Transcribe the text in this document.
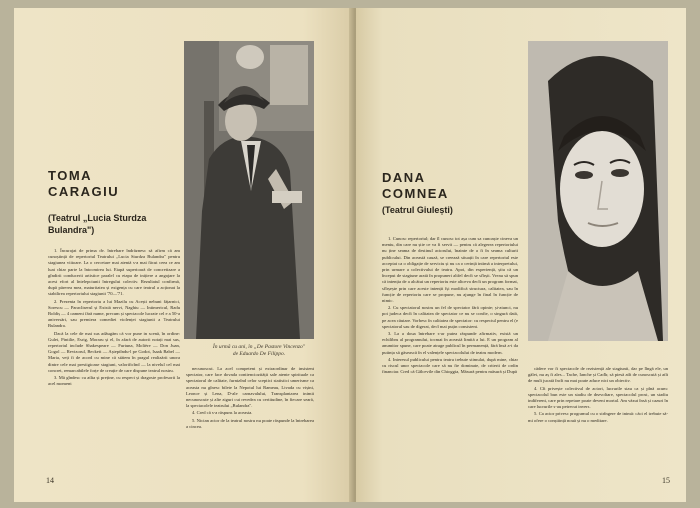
În urmă cu ani, în „De Pastore Vincenzo" de Eduardo De Filippo.
TOMA
CARAGIU
(Teatrul „Lucia Sturdza Bulandra")

1. Încurajat de prima dv. întrebare îndrăznesc să afirm că am cunoștință de repertoriul Teatrului „Lucia Sturdza Bulandra" pentru stagiunea viitoare. La o cercetare mai atentă s-a mai făcut ceea ce am luat chiar parte la întocmirea lui. Etapă superioară de concretizare a gîndirii conducerii artistice paralel cu etapa de inițiere a angajare la acest efort al întelepciunii întregului colectiv. Rezultatul confirmă, după părerea mea, maturitatea și exigența cu care teatrul a acționat la stabilirea repertoriului stagiunii '70—'71.

2. Prezenta în repertoriu a lui Mazilu cu Acești nebuni fățarnici, Sorescu — Paracliserul și Există nervi, Naghiu — Intimericul, Radu Boldiș — 4 oameni fără nume, precum și spectacole lucrate cel e a 50-a aniversări, sau premiera comediei violenței stagiunii a Teatrului Bulandra.

Dacă la cele de mai sus adăugăm că vor pune in scenă, în ordine: Gulei, Pintilie, Esrig, Moraru și el, în afară de autorii notați mai sus, repertoriul include Shakespeare — Furtuna, Molière — Don Juan, Gogol — Revizorul, Beckett — Așteptîndu-l pe Godot, Isaak Babel — Maria, veți fi de acord cu mine că stăiem în pragul realizării unora dintre cele mai prestigioase stagiuni, valorificînd — la nivelul cel mai concret, remarcabilele forțe de creație de care dispune teatrul nostru.

3. Mă gîndesc cu atîta și preține, cu respect și dragoste profesorii la acel moment

necunoscut. La acel competent și extraordinar de insistent spectator, care face dovada contienciozității sale atente spirituale ca spectatorul de calitate, furnizînd celor sceptici statistici umerisme ca aceasta nu gînesc bilete la Nepotul lui Rameau, Livada cu vișini, Leonce și Lena, D-ale carnavalului, Transplantarea inimii necunoscute și alte ziguri cui revedea cu certitudine, în fiecare seară, la spectacolele teatrului „Bulandra".

4. Cred că s-a răspuns la aceasta.

5. Nician actor de la teatrul nostru nu poate răspunde la întrebarea a cincea.

14
DANA
COMNEA
(Teatrul Giulești)

1. Cunosc repertoriul; dar îl cunosc tot așa cum sa cunoaște cineva un meniu, din care nu știe ce va fi servit — pentru că alegerea repertoriului nu ține seama de destinul actorului, înainte de a fi în seama culturii publicului. Din această cauză, se creează situații în care repertoriul este acceptat ca o obligație de serviciu și nu ca o cerință intimă a interpretului, prin urmare a colectivului de teatru. Apoi, din experiență, știu că un început de stagiune arată în propuneri altfel decît se sfîrșit. Vreau să spun că intenția de a alcătui un repertoriu este altceva decît un program format, sfîrșește prin care aceste intenții își modifică structura, calitatea, sau în funcție de repertoriu care se propune, nu ajunge în final în funcție de nimic.

2. Cu spectatorul nostru un fel de spectator fără opinie; și-atunci, nu pot judeca decît în calitatea de spectator ce nu se confie, o singură dată, pe acea căutare. Vorbesc în calitatea de spectator: cu respectul pentru el (e spectatorul sau de digerat, decî mai puțin consistent.

3. La a doua întrebare s-ar putea răspunde afirmativ, există un echilibru al programului, tocmai în această limită a lui. E un program al anumitor spune, care poate atrage publicul în permanență, fără însă a-i da putința să găsească în el valențele spectacolului de teatru modern.

4. Interesul publicului pentru teatru trebuie stimulat, după mine, chiar cu riscul unor spectacole care să nu fie dominate, de criterii de ordin financiar. Cred că Gâlcevile din Chioggia, Măsură pentru măsură și După

cădere vor fi spectacole de rezistență ale stagiunii, dar pe lîngă ele, un gălet, nu aș fi ales... Tache, Ianche și Cadîr, să piesă atît de cunoscută și atît de mult jucată încît nu mai poate aduce nici un obiectiv.

4. Cît privește colectivul de actori, lucrurile stau ca și pînă acum: spectacolul bun este un stadiu de dezvoltare, spectacolul prost, un stadiu indiferent, care prin repetare poate deveni mortal. Am văzut însă și cazuri în care lucrurile s-au petrecut invers.

5. Ca actor privesc programul cu o strîngere de inimă: căci el trebuie să-mi ofere o conștiință nouă și nu o meditare.

15
